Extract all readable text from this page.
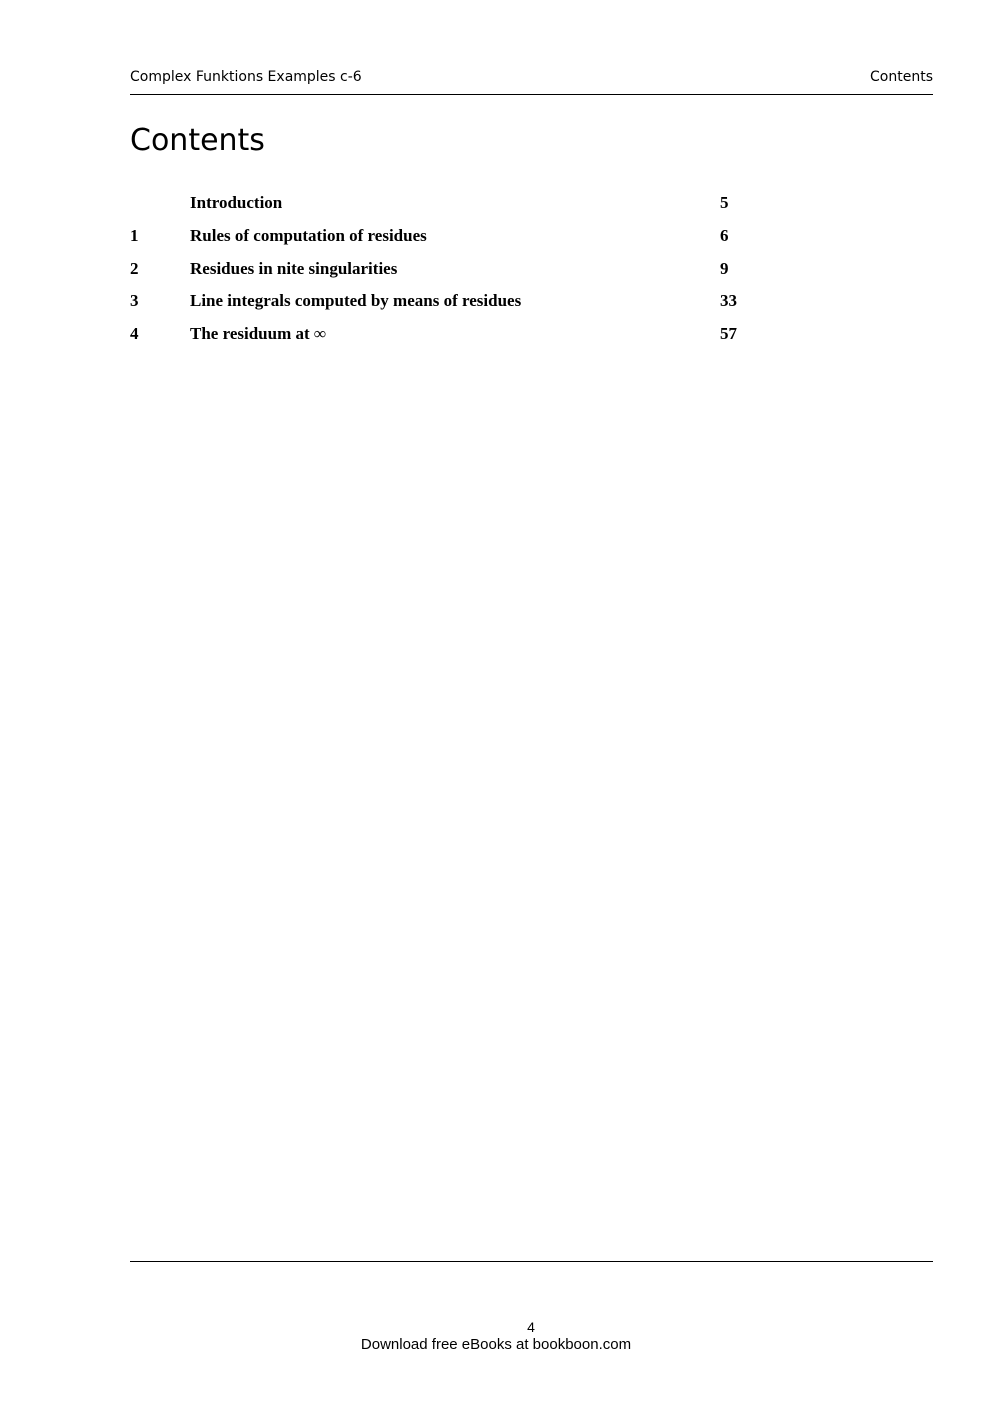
Complex Funktions Examples c-6	Contents
Contents
Introduction	5
1	Rules of computation of residues	6
2	Residues in nite singularities	9
3	Line integrals computed by means of residues	33
4	The residuum at ∞	57
4
Download free eBooks at bookboon.com
